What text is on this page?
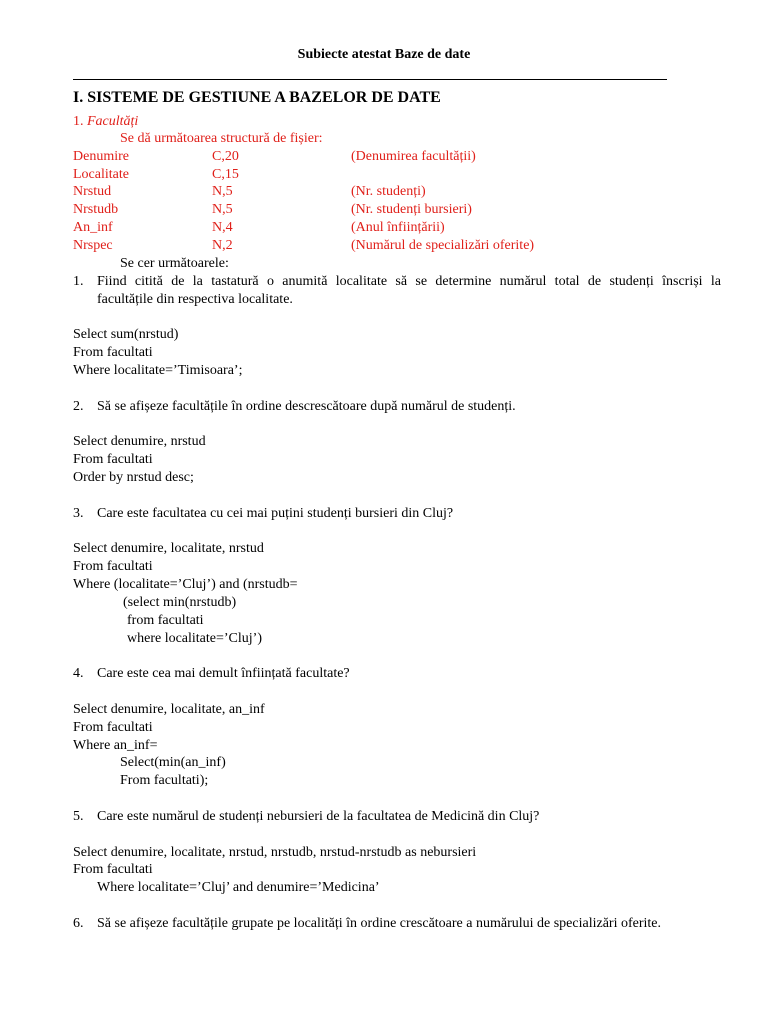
Subiecte atestat Baze de date
I. SISTEME DE GESTIUNE A BAZELOR DE DATE
1. Facultăți
Se dă următoarea structură de fișier:
Denumire	C,20	(Denumirea facultății)
Localitate	C,15
Nrstud	N,5	(Nr. studenți)
Nrstudb	N,5	(Nr. studenți bursieri)
An_inf	N,4	(Anul înființării)
Nrspec	N,2	(Numărul de specializări oferite)
Se cer următoarele:
1. Fiind citită de la tastatură o anumită localitate să se determine numărul total de studenți înscriși la
facultățile din respectiva localitate.
Select sum(nrstud)
From facultati
Where localitate=’Timisoara’;
2. Să se afișeze facultățile în ordine descrescătoare după numărul de studenți.
Select denumire, nrstud
From facultati
Order by nrstud desc;
3. Care este facultatea cu cei mai puțini studenți bursieri din Cluj?
Select denumire, localitate, nrstud
From facultati
Where (localitate=’Cluj’) and (nrstudb=
(select min(nrstudb)
from facultati
where localitate=’Cluj’)
4. Care este cea mai demult înființată facultate?
Select denumire, localitate, an_inf
From facultati
Where an_inf=
Select(min(an_inf)
From facultati);
5. Care este numărul de studenți nebursieri de la facultatea de Medicină din Cluj?
Select denumire, localitate, nrstud, nrstudb, nrstud-nrstudb as nebursieri
From facultati
Where localitate=’Cluj’ and denumire=’Medicina’
6. Să se afișeze facultățile grupate pe localități în ordine crescătoare a numărului de specializări oferite.
